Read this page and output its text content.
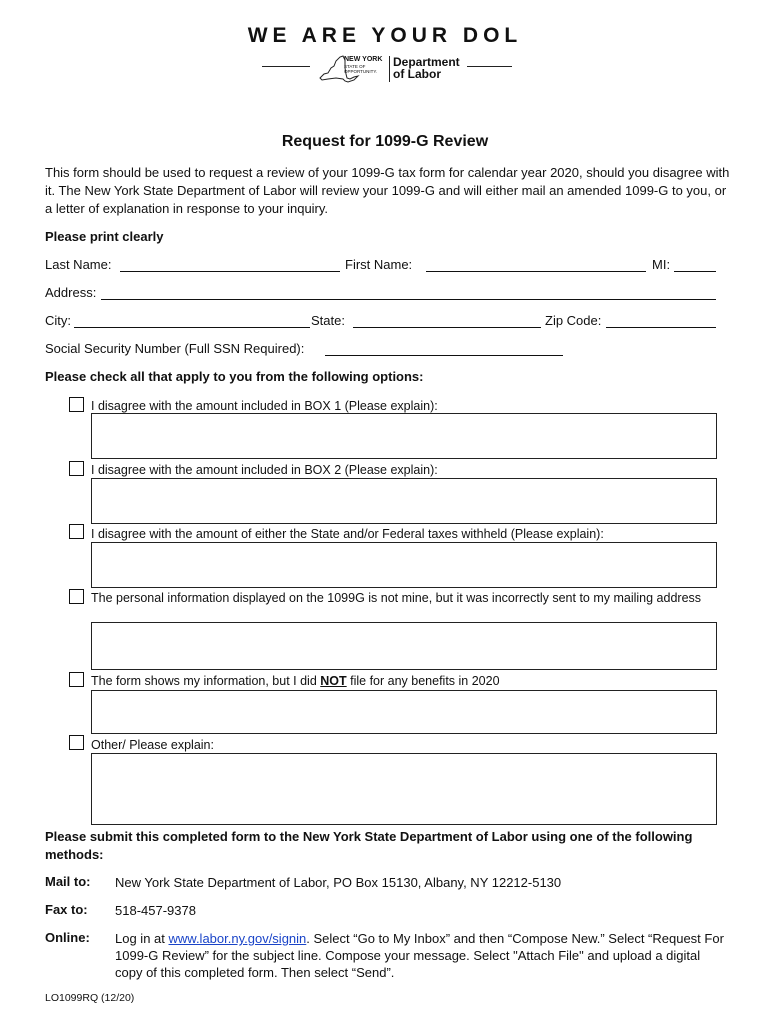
WE ARE YOUR DOL
NEW YORK
STATE OF OPPORTUNITY.
Department
of Labor
Request for 1099-G Review
This form should be used to request a review of your 1099-G tax form for calendar year 2020, should you disagree with it. The New York State Department of Labor will review your 1099-G and will either mail an amended 1099-G to you, or a letter of explanation in response to your inquiry.
Please print clearly
Last Name:	First Name:	MI:
Address:
City:	State:	Zip Code:
Social Security Number (Full SSN Required):
Please check all that apply to you from the following options:
I disagree with the amount included in BOX 1 (Please explain):
I disagree with the amount included in BOX 2 (Please explain):
I disagree with the amount of either the State and/or Federal taxes withheld (Please explain):
The personal information displayed on the 1099G is not mine, but it was incorrectly sent to my mailing address
The form shows my information, but I did NOT file for any benefits in 2020
Other/ Please explain:
Please submit this completed form to the New York State Department of Labor using one of the following methods:
Mail to: New York State Department of Labor, PO Box 15130, Albany, NY 12212-5130
Fax to: 518-457-9378
Online: Log in at www.labor.ny.gov/signin. Select “Go to My Inbox” and then “Compose New.” Select “Request For 1099-G Review” for the subject line. Compose your message. Select "Attach File" and upload a digital copy of this completed form. Then select “Send”.
LO1099RQ (12/20)
